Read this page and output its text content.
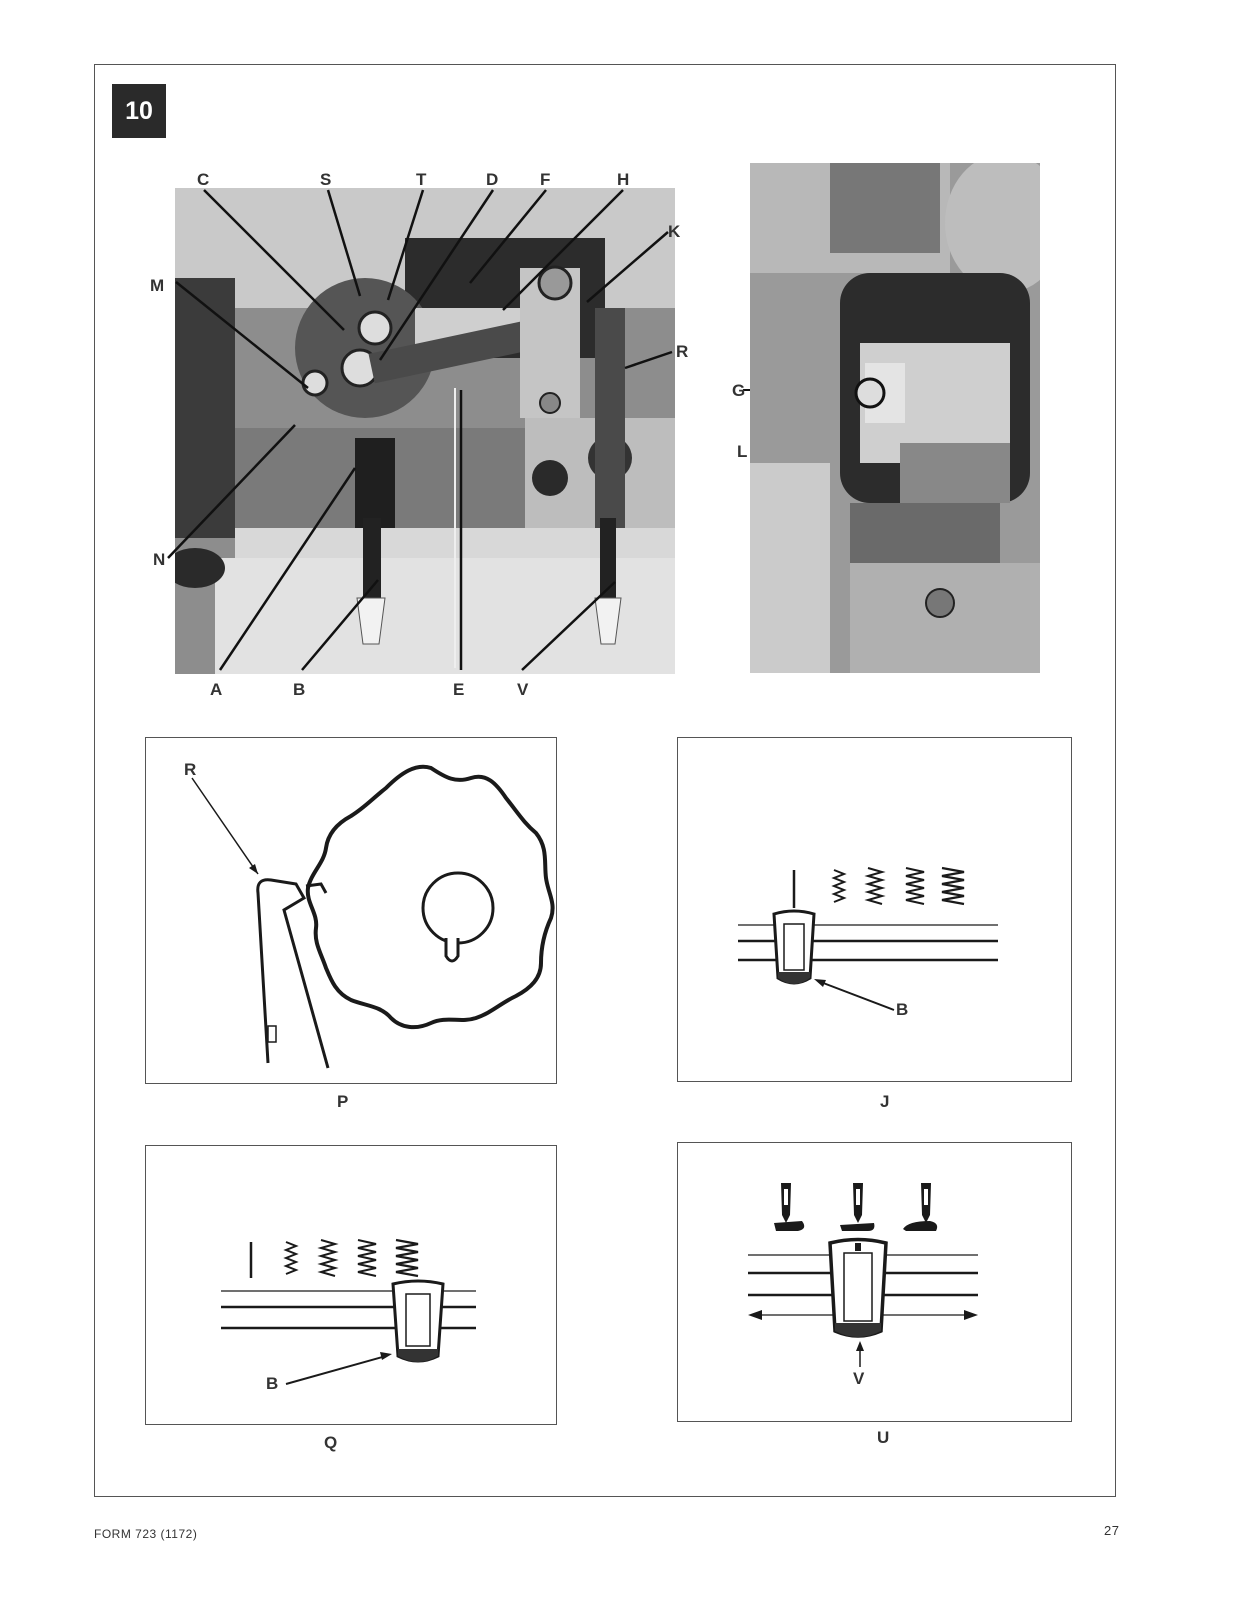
10
C	S	T	D F	H
K
M
R
N
A	B	E	V
G
L
R
P
B
J
B
Q
V
U
FORM 723 (1172)	27
